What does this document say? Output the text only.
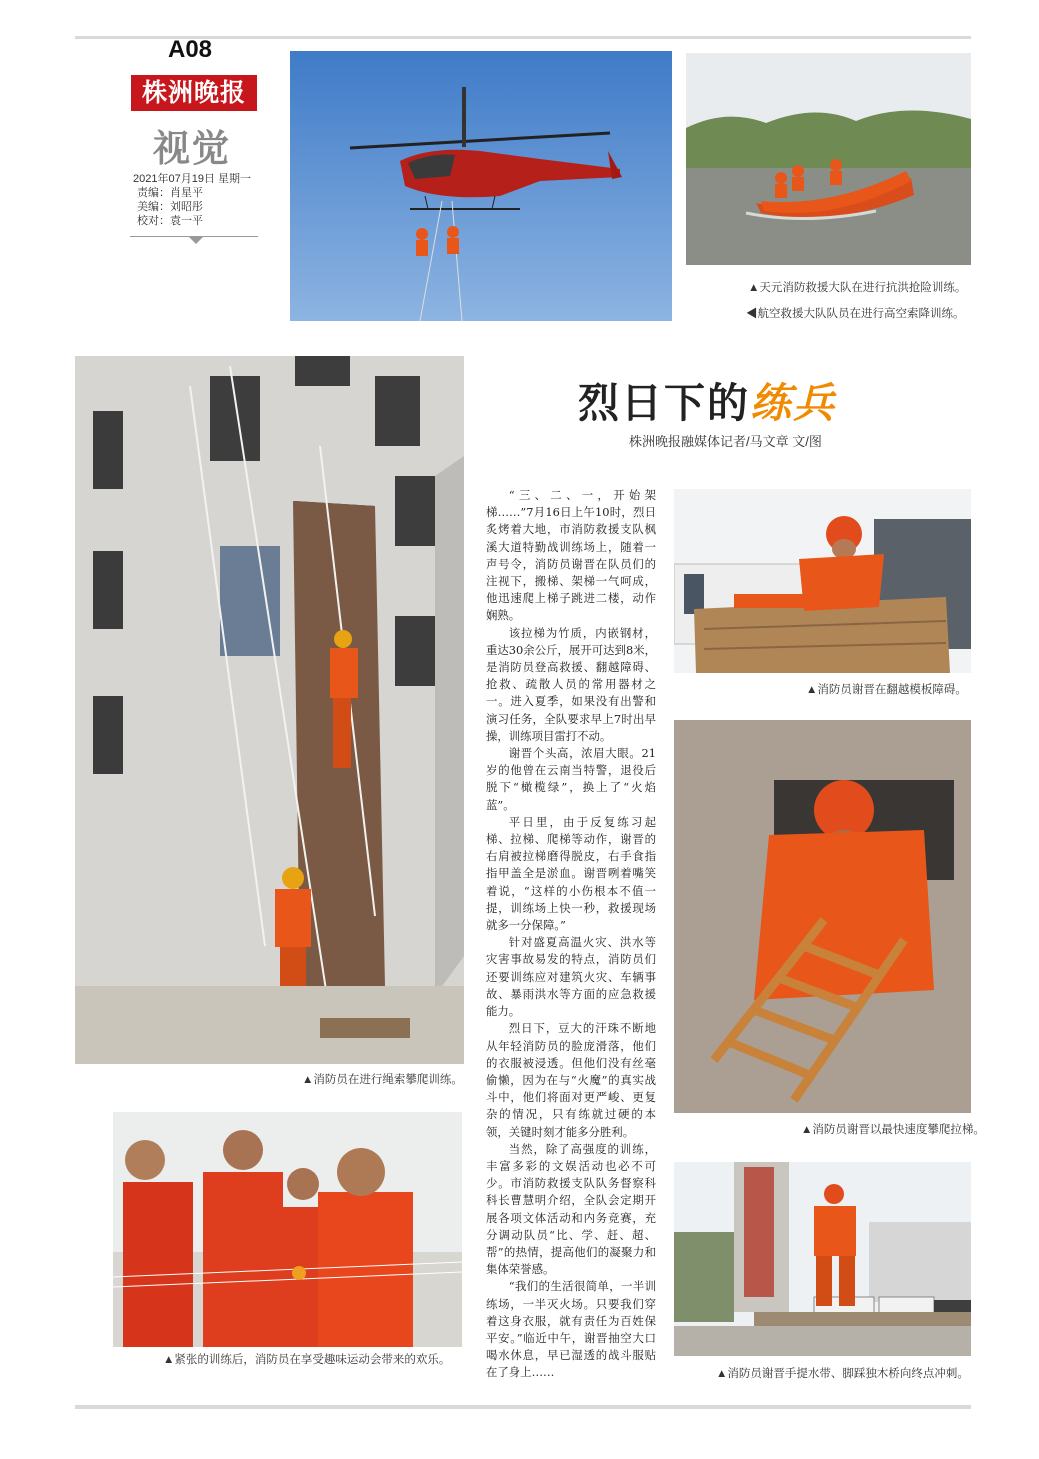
A08
株洲晚报
视觉
2021年07月19日 星期一
责编：肖星平
美编：刘昭彤
校对：袁一平
▲天元消防救援大队在进行抗洪抢险训练。
◀航空救援大队队员在进行高空索降训练。
▲消防员在进行绳索攀爬训练。
烈日下的练兵
株洲晚报融媒体记者/马文章 文/图

“三、二、一，开始架梯……”7月16日上午10时，烈日炙烤着大地，市消防救援支队枫溪大道特勤战训练场上，随着一声号令，消防员谢晋在队员们的注视下，搬梯、架梯一气呵成，他迅速爬上梯子跳进二楼，动作娴熟。

该拉梯为竹质，内嵌钢材，重达30余公斤，展开可达到8米，是消防员登高救援、翻越障碍、抢救、疏散人员的常用器材之一。进入夏季，如果没有出警和演习任务，全队要求早上7时出早操，训练项目雷打不动。

谢晋个头高，浓眉大眼。21岁的他曾在云南当特警，退役后脱下“橄榄绿”，换上了“火焰蓝”。

平日里，由于反复练习起梯、拉梯、爬梯等动作，谢晋的右肩被拉梯磨得脱皮，右手食指指甲盖全是淤血。谢晋咧着嘴笑着说，“这样的小伤根本不值一提，训练场上快一秒，救援现场就多一分保障。”

针对盛夏高温火灾、洪水等灾害事故易发的特点，消防员们还要训练应对建筑火灾、车辆事故、暴雨洪水等方面的应急救援能力。

烈日下，豆大的汗珠不断地从年轻消防员的脸庞滑落，他们的衣服被浸透。但他们没有丝毫偷懒，因为在与“火魔”的真实战斗中，他们将面对更严峻、更复杂的情况，只有练就过硬的本领，关键时刻才能多分胜利。

当然，除了高强度的训练，丰富多彩的文娱活动也必不可少。市消防救援支队队务督察科科长曹慧明介绍，全队会定期开展各项文体活动和内务竞赛，充分调动队员“比、学、赶、超、帮”的热情，提高他们的凝聚力和集体荣誉感。

“我们的生活很简单，一半训练场，一半灭火场。只要我们穿着这身衣服，就有责任为百姓保平安。”临近中午，谢晋抽空大口喝水休息，早已湿透的战斗服贴在了身上……

▲消防员谢晋在翻越模板障碍。
▲消防员谢晋以最快速度攀爬拉梯。
▲紧张的训练后，消防员在享受趣味运动会带来的欢乐。
▲消防员谢晋手提水带、脚踩独木桥向终点冲刺。
